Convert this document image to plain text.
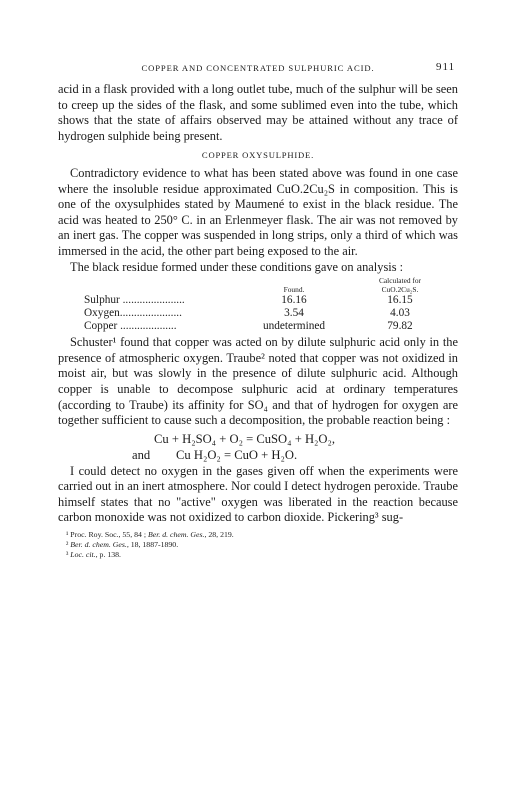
COPPER AND CONCENTRATED SULPHURIC ACID.	911

acid in a flask provided with a long outlet tube, much of the sulphur will be seen to creep up the sides of the flask, and some sublimed even into the tube, which shows that the state of affairs observed may be attained without any trace of hydrogen sulphide being present.

COPPER OXYSULPHIDE.

Contradictory evidence to what has been stated above was found in one case where the insoluble residue approximated CuO.2Cu₂S in composition. This is one of the oxysulphides stated by Maumené to exist in the black residue. The acid was heated to 250° C. in an Erlenmeyer flask. The air was not removed by an inert gas. The copper was suspended in long strips, only a third of which was immersed in the acid, the other part being exposed to the air.

The black residue formed under these conditions gave on analysis :

	Found.	Calculated for
CuO.2Cu₂S.

Sulphur ......................	16.16	16.15
Oxygen......................	3.54	4.03
Copper ....................	undetermined	79.82

Schuster¹ found that copper was acted on by dilute sulphuric acid only in the presence of atmospheric oxygen. Traube² noted that copper was not oxidized in moist air, but was slowly in the presence of dilute sulphuric acid. Although copper is unable to decompose sulphuric acid at ordinary temperatures (according to Traube) its affinity for SO₄ and that of hydrogen for oxygen are together sufficient to cause such a decomposition, the probable reaction being :

Cu + H₂SO₄ + O₂ = CuSO₄ + H₂O₂,
and Cu H₂O₂ = CuO + H₂O.

I could detect no oxygen in the gases given off when the experiments were carried out in an inert atmosphere. Nor could I detect hydrogen peroxide. Traube himself states that no "active" oxygen was liberated in the reaction because carbon monoxide was not oxidized to carbon dioxide. Pickering³ sug-

¹ Proc. Roy. Soc., 55, 84 ; Ber. d. chem. Ges., 28, 219.
² Ber. d. chem. Ges., 18, 1887-1890.
³ Loc. cit., p. 138.
